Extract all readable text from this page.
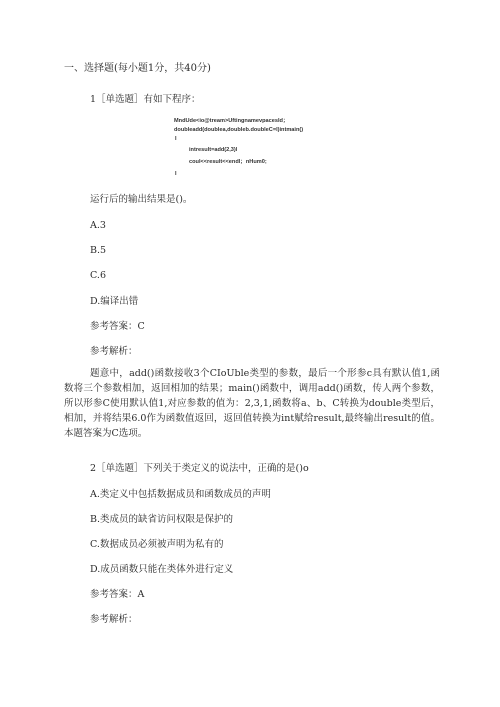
一、选择题(每小题1分，共40分)
1［单选题］有如下程序：
MndUde<io@tream>Uftingnamevpacesld；
doubleadd(doublea,doubleb.doubleC=l)intmain()
I
intresult=add(2,3)l
coul<<result<<endl；nHum0;
I
运行后的输出结果是()。
A.3
B.5
C.6
D.编译出错
参考答案：C
参考解析：
题意中，add()函数接收3个CIoUble类型的参数，最后一个形参c具有默认值1,函数将三个参数相加，返回相加的结果；main()函数中，调用add()函数，传人两个参数，所以形参C使用默认值1,对应参数的值为：2,3,1,函数将a、b、C转换为double类型后，相加，并将结果6.0作为函数值返回，返回值转换为int赋给result,最终输出result的值。本题答案为C选项。
2［单选题］下列关于类定义的说法中，正确的是()o
A.类定义中包括数据成员和函数成员的声明
B.类成员的缺省访问权限是保护的
C.数据成员必须被声明为私有的
D.成员函数只能在类体外进行定义
参考答案：A
参考解析：
